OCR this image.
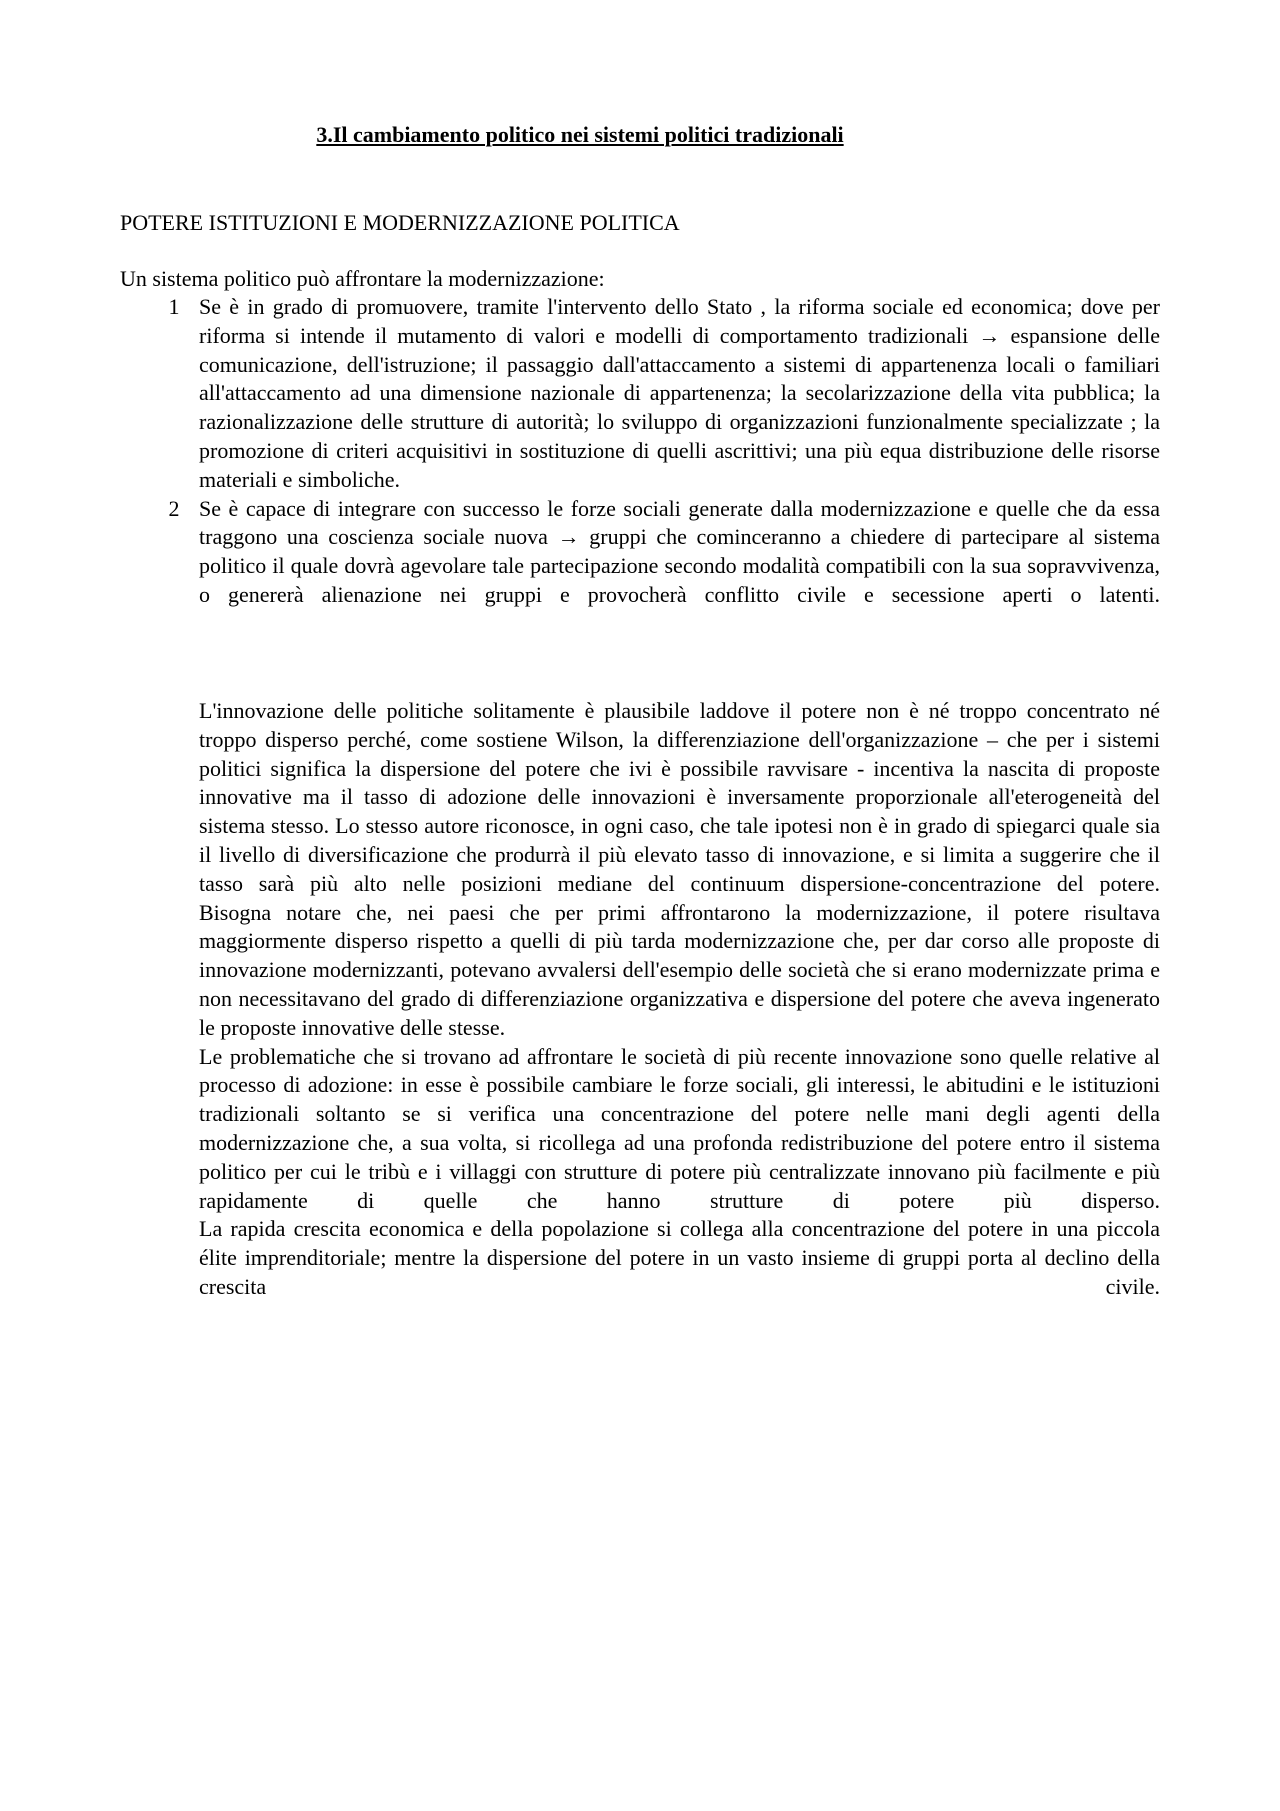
3.Il cambiamento politico nei sistemi politici tradizionali
POTERE ISTITUZIONI E MODERNIZZAZIONE POLITICA

Un sistema politico può affrontare la modernizzazione:

1 Se è in grado di promuovere, tramite l'intervento dello Stato , la riforma sociale ed economica; dove per riforma si intende il mutamento di valori e modelli di comportamento tradizionali → espansione delle comunicazione, dell'istruzione; il passaggio dall'attaccamento a sistemi di appartenenza locali o familiari all'attaccamento ad una dimensione nazionale di appartenenza; la secolarizzazione della vita pubblica; la razionalizzazione delle strutture di autorità; lo sviluppo di organizzazioni funzionalmente specializzate ; la promozione di criteri acquisitivi in sostituzione di quelli ascrittivi; una più equa distribuzione delle risorse materiali e simboliche.

2 Se è capace di integrare con successo le forze sociali generate dalla modernizzazione e quelle che da essa traggono una coscienza sociale nuova → gruppi che cominceranno a chiedere di partecipare al sistema politico il quale dovrà agevolare tale partecipazione secondo modalità compatibili con la sua sopravvivenza, o genererà alienazione nei gruppi e provocherà conflitto civile e secessione aperti o latenti.

L'innovazione delle politiche solitamente è plausibile laddove il potere non è né troppo concentrato né troppo disperso perché, come sostiene Wilson, la differenziazione dell'organizzazione – che per i sistemi politici significa la dispersione del potere che ivi è possibile ravvisare - incentiva la nascita di proposte innovative ma il tasso di adozione delle innovazioni è inversamente proporzionale all'eterogeneità del sistema stesso. Lo stesso autore riconosce, in ogni caso, che tale ipotesi non è in grado di spiegarci quale sia il livello di diversificazione che produrrà il più elevato tasso di innovazione, e si limita a suggerire che il tasso sarà più alto nelle posizioni mediane del continuum dispersione-concentrazione del potere.

Bisogna notare che, nei paesi che per primi affrontarono la modernizzazione, il potere risultava maggiormente disperso rispetto a quelli di più tarda modernizzazione che, per dar corso alle proposte di innovazione modernizzanti, potevano avvalersi dell'esempio delle società che si erano modernizzate prima e non necessitavano del grado di differenziazione organizzativa e dispersione del potere che aveva ingenerato le proposte innovative delle stesse.

Le problematiche che si trovano ad affrontare le società di più recente innovazione sono quelle relative al processo di adozione: in esse è possibile cambiare le forze sociali, gli interessi, le abitudini e le istituzioni tradizionali soltanto se si verifica una concentrazione del potere nelle mani degli agenti della modernizzazione che, a sua volta, si ricollega ad una profonda redistribuzione del potere entro il sistema politico per cui le tribù e i villaggi con strutture di potere più centralizzate innovano più facilmente e più rapidamente di quelle che hanno strutture di potere più disperso.

La rapida crescita economica e della popolazione si collega alla concentrazione del potere in una piccola élite imprenditoriale; mentre la dispersione del potere in un vasto insieme di gruppi porta al declino della crescita civile.
